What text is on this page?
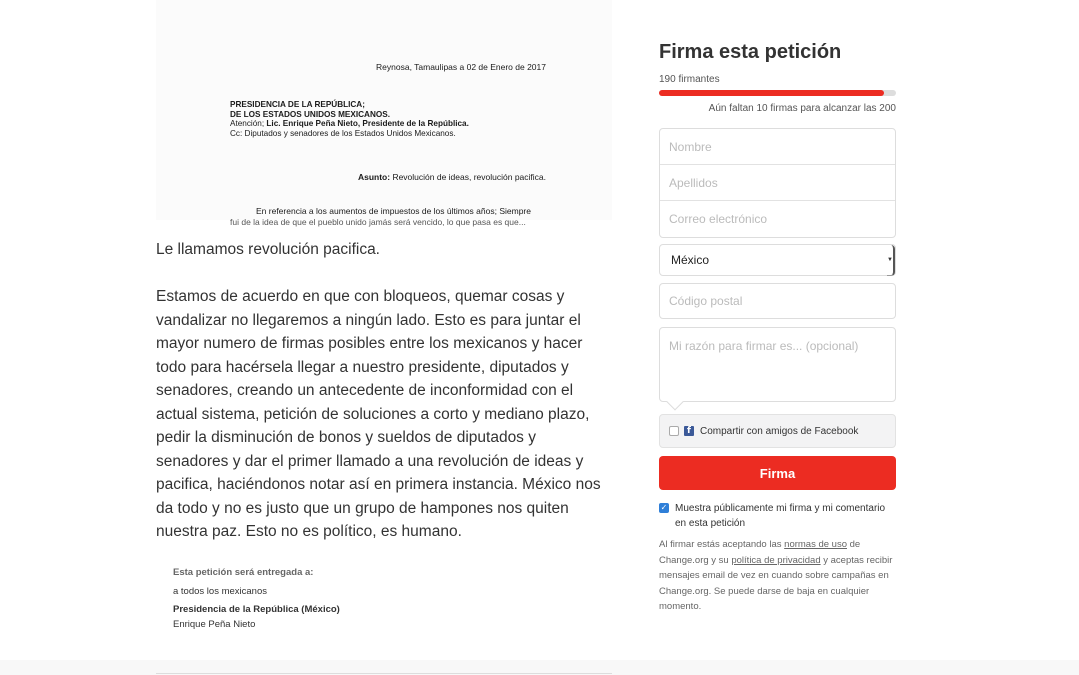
Reynosa, Tamaulipas a 02 de Enero de 2017
PRESIDENCIA DE LA REPÚBLICA;
DE LOS ESTADOS UNIDOS MEXICANOS.
Atención; Lic. Enrique Peña Nieto, Presidente de la República.
Cc: Diputados y senadores de los Estados Unidos Mexicanos.
Asunto: Revolución de ideas, revolución pacifica.
En referencia a los aumentos de impuestos de los últimos años; Siempre
fui de la idea de que el pueblo unido jamás será vencido, lo que pasa es que...

Le llamamos revolución pacifica.

Estamos de acuerdo en que con bloqueos, quemar cosas y vandalizar no llegaremos a ningún lado. Esto es para juntar el mayor numero de firmas posibles entre los mexicanos y hacer todo para hacérsela llegar a nuestro presidente, diputados y senadores, creando un antecedente de inconformidad con el actual sistema, petición de soluciones a corto y mediano plazo, pedir la disminución de bonos y sueldos de diputados y senadores y dar el primer llamado a una revolución de ideas y pacifica, haciéndonos notar así en primera instancia. México nos da todo y no es justo que un grupo de hampones nos quiten nuestra paz. Esto no es político, es humano.

Esta petición será entregada a:
a todos los mexicanos
Presidencia de la República (México)
Enrique Peña Nieto
Firma esta petición
190 firmantes
Aún faltan 10 firmas para alcanzar las 200
Nombre
Apellidos
Correo electrónico
México	▼
Código postal
Mi razón para firmar es... (opcional)
f Compartir con amigos de Facebook
Firma
✓ Muestra públicamente mi firma y mi comentario en esta petición
Al firmar estás aceptando las normas de uso de Change.org y su política de privacidad y aceptas recibir mensajes email de vez en cuando sobre campañas en Change.org. Se puede darse de baja en cualquier momento.
